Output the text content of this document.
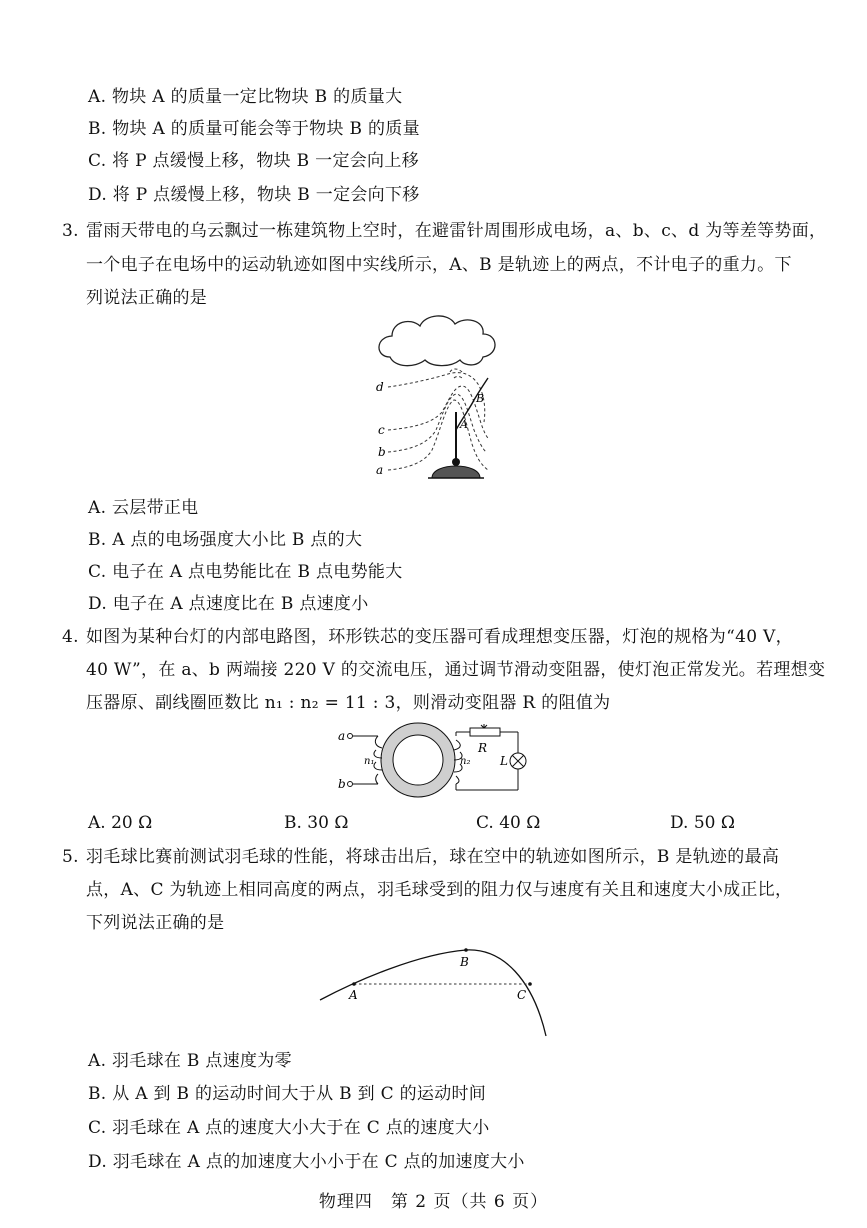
A. 物块 A 的质量一定比物块 B 的质量大
B. 物块 A 的质量可能会等于物块 B 的质量
C. 将 P 点缓慢上移，物块 B 一定会向上移
D. 将 P 点缓慢上移，物块 B 一定会向下移
3. 雷雨天带电的乌云飘过一栋建筑物上空时，在避雷针周围形成电场，a、b、c、d 为等差等势面，
一个电子在电场中的运动轨迹如图中实线所示，A、B 是轨迹上的两点，不计电子的重力。下
列说法正确的是
d
c
b
a
A
B
A. 云层带正电
B. A 点的电场强度大小比 B 点的大
C. 电子在 A 点电势能比在 B 点电势能大
D. 电子在 A 点速度比在 B 点速度小
4. 如图为某种台灯的内部电路图，环形铁芯的变压器可看成理想变压器，灯泡的规格为“40 V，
40 W”，在 a、b 两端接 220 V 的交流电压，通过调节滑动变阻器，使灯泡正常发光。若理想变
压器原、副线圈匝数比 n₁ : n₂ = 11 : 3，则滑动变阻器 R 的阻值为
a
b
n₁	n₂
R
L
A. 20 Ω	B. 30 Ω	C. 40 Ω	D. 50 Ω
5. 羽毛球比赛前测试羽毛球的性能，将球击出后，球在空中的轨迹如图所示，B 是轨迹的最高
点，A、C 为轨迹上相同高度的两点，羽毛球受到的阻力仅与速度有关且和速度大小成正比，
下列说法正确的是
A
B
C
A. 羽毛球在 B 点速度为零
B. 从 A 到 B 的运动时间大于从 B 到 C 的运动时间
C. 羽毛球在 A 点的速度大小大于在 C 点的速度大小
D. 羽毛球在 A 点的加速度大小小于在 C 点的加速度大小
物理四　第 2 页（共 6 页）
